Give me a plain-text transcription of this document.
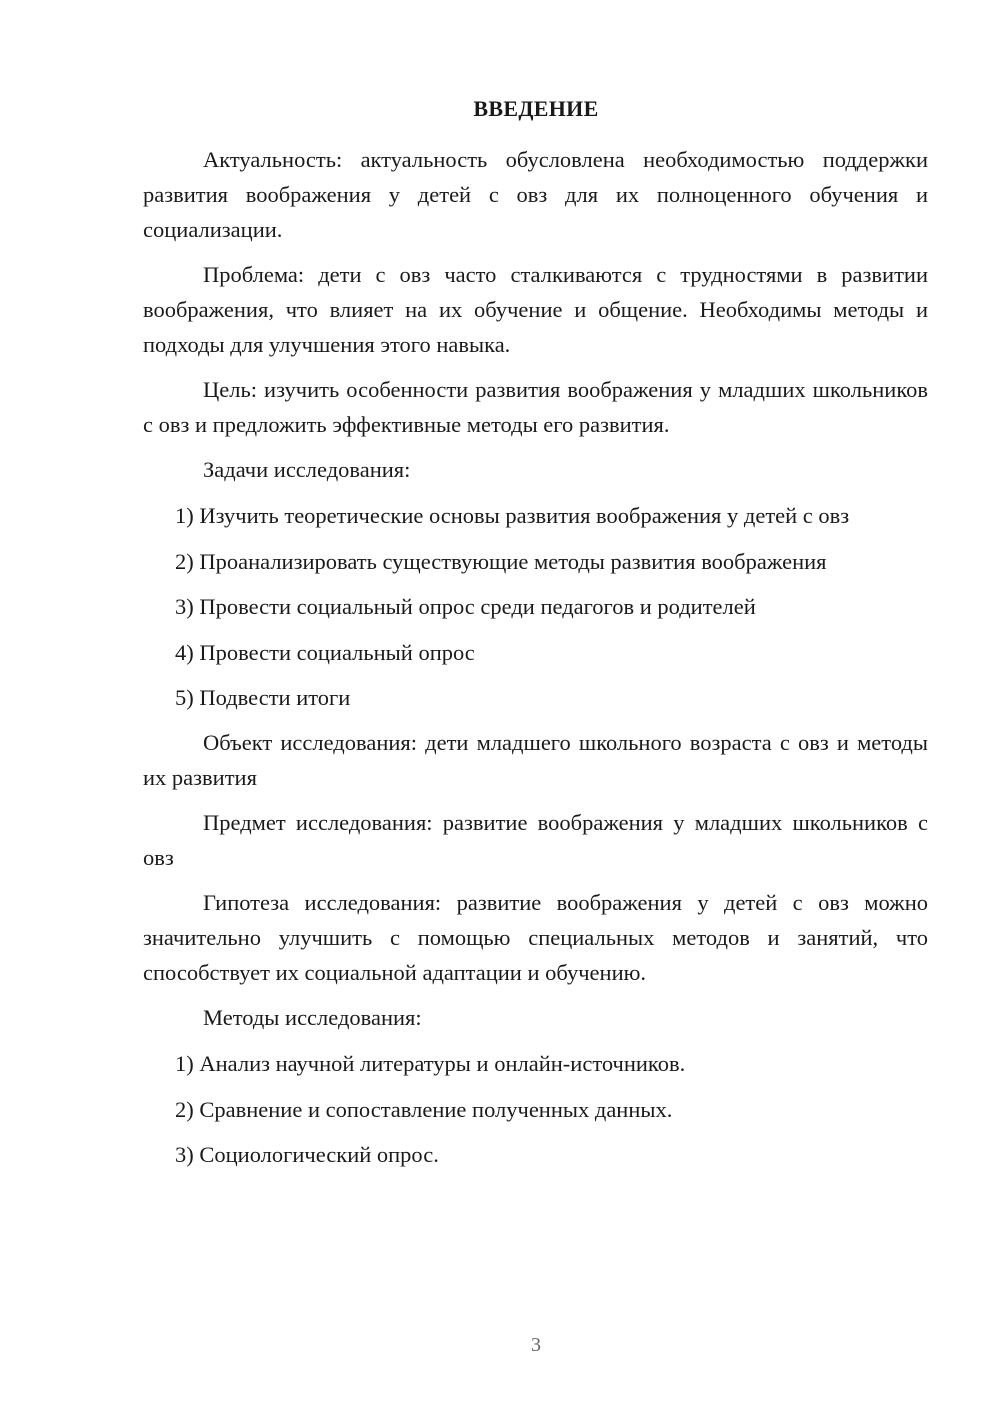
ВВЕДЕНИЕ

Актуальность: актуальность обусловлена необходимостью поддержки развития воображения у детей с овз для их полноценного обучения и социализации.

Проблема: дети с овз часто сталкиваются с трудностями в развитии воображения, что влияет на их обучение и общение. Необходимы методы и подходы для улучшения этого навыка.

Цель: изучить особенности развития воображения у младших школьников с овз и предложить эффективные методы его развития.

Задачи исследования:

1) Изучить теоретические основы развития воображения у детей с овз

2) Проанализировать существующие методы развития воображения

3) Провести социальный опрос среди педагогов и родителей

4) Провести социальный опрос

5) Подвести итоги

Объект исследования: дети младшего школьного возраста с овз и методы их развития

Предмет исследования: развитие воображения у младших школьников с овз

Гипотеза исследования: развитие воображения у детей с овз можно значительно улучшить с помощью специальных методов и занятий, что способствует их социальной адаптации и обучению.

Методы исследования:

1) Анализ научной литературы и онлайн-источников.

2) Сравнение и сопоставление полученных данных.

3) Социологический опрос.

3
